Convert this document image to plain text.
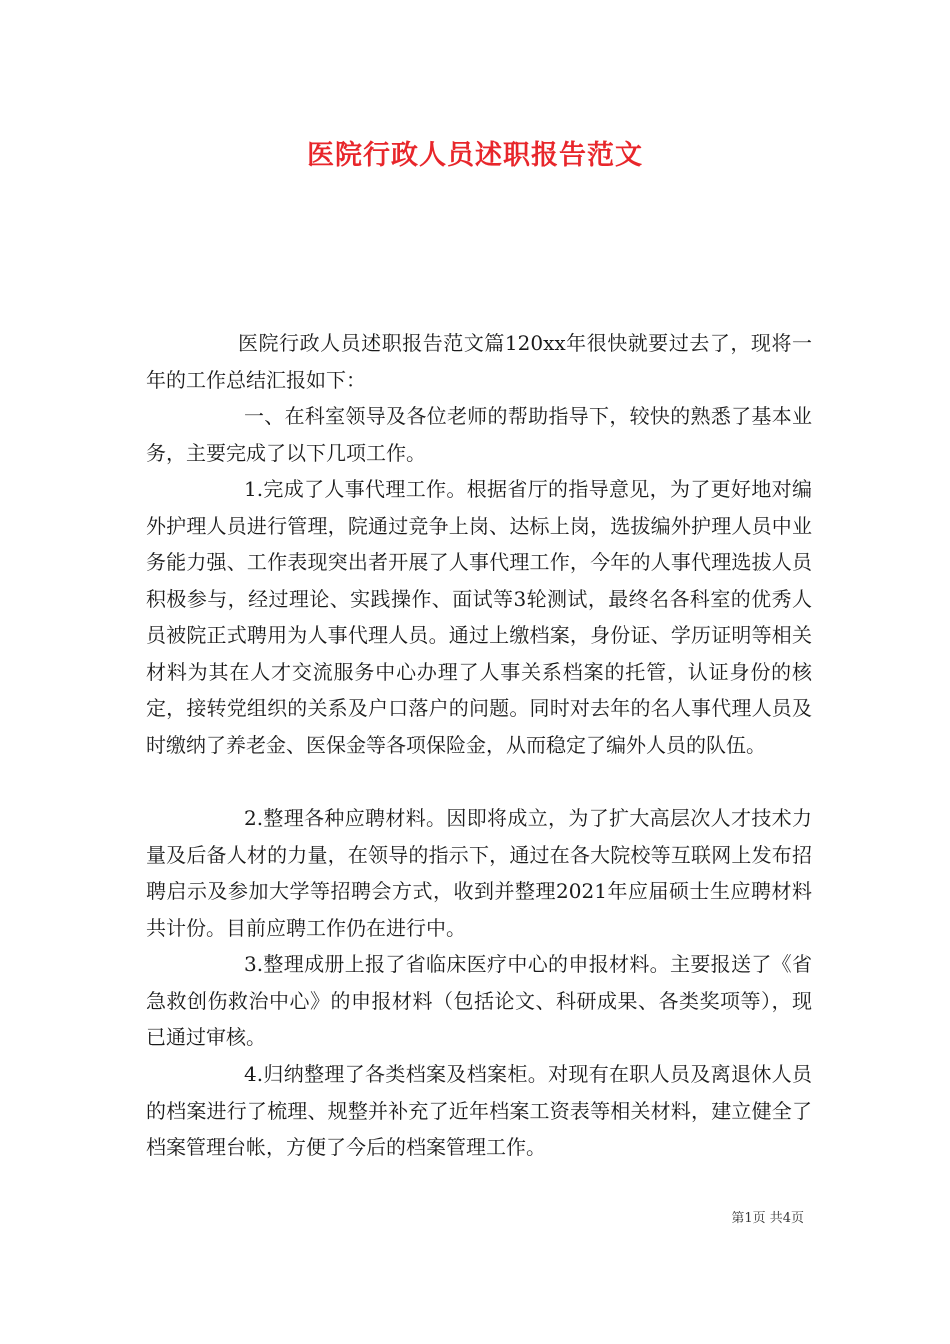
医院行政人员述职报告范文
医院行政人员述职报告范文篇120xx年很快就要过去了，现将一年的工作总结汇报如下：
一、在科室领导及各位老师的帮助指导下，较快的熟悉了基本业务，主要完成了以下几项工作。
1.完成了人事代理工作。根据省厅的指导意见，为了更好地对编外护理人员进行管理，院通过竞争上岗、达标上岗，选拔编外护理人员中业务能力强、工作表现突出者开展了人事代理工作，今年的人事代理选拔人员积极参与，经过理论、实践操作、面试等3轮测试，最终名各科室的优秀人员被院正式聘用为人事代理人员。通过上缴档案，身份证、学历证明等相关材料为其在人才交流服务中心办理了人事关系档案的托管，认证身份的核定，接转党组织的关系及户口落户的问题。同时对去年的名人事代理人员及时缴纳了养老金、医保金等各项保险金，从而稳定了编外人员的队伍。
2.整理各种应聘材料。因即将成立，为了扩大高层次人才技术力量及后备人材的力量，在领导的指示下，通过在各大院校等互联网上发布招聘启示及参加大学等招聘会方式，收到并整理2021年应届硕士生应聘材料共计份。目前应聘工作仍在进行中。
3.整理成册上报了省临床医疗中心的申报材料。主要报送了《省急救创伤救治中心》的申报材料（包括论文、科研成果、各类奖项等），现已通过审核。
4.归纳整理了各类档案及档案柜。对现有在职人员及离退休人员的档案进行了梳理、规整并补充了近年档案工资表等相关材料，建立健全了档案管理台帐，方便了今后的档案管理工作。
第1页 共4页
